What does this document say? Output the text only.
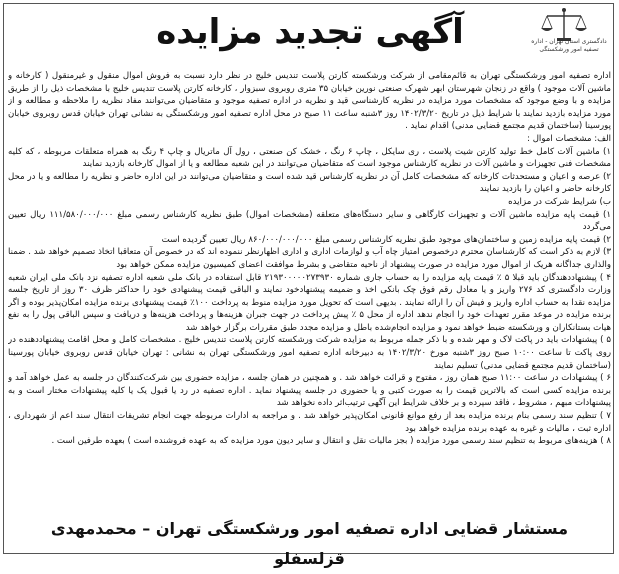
آگهی تجدید مزایده	دادگستری استان تهران - اداره تصفیه امور ورشکستگی

اداره تصفیه امور ورشکستگی تهران به قائم‌مقامی از شرکت ورشکسته کارتن پلاست تندیس خلیج در نظر دارد نسبت به فروش اموال منقول و غیرمنقول ( کارخانه و ماشین آلات موجود ) واقع در زنجان شهرستان ابهر شهرک صنعتی نورین خیابان ۳۵ متری روبروی سبزوار ، کارخانه کارتن پلاست تندیس خلیج با مشخصات ذیل را از طریق مزایده و با وضع موجود که مشخصات مورد مزایده در نظریه کارشناسی قید و نظریه در اداره تصفیه موجود و متقاضیان می‌توانند مفاد نظریه را ملاحظه و مطالعه و از مورد مزایده بازدید نمایند با شرایط ذیل در تاریخ ۱۴۰۲/۳/۲۰ روز ۳شنبه ساعت ۱۱ صبح در محل اداره تصفیه امور ورشکستگی به نشانی تهران خیابان قدس روبروی خیابان پورسینا (ساختمان قدیم مجتمع قضایی مدنی) اقدام نماید .

الف: مشخصات اموال :

۱) ماشین آلات کامل خط تولید کارتن شیت پلاست ، ری سایکل ، چاپ ۶ رنگ ، خشک کن صنعتی ، رول آل ماتریال و چاپ ۴ رنگ به همراه متعلقات مربوطه ، که کلیه مشخصات فنی تجهیزات و ماشین آلات در نظریه کارشناس موجود است که متقاضیان می‌توانند در این شعبه مطالعه و یا از اموال کارخانه بازدید نمایند

۲) عرصه و اعیان و مستحدثات کارخانه که مشخصات کامل آن در نظریه کارشناس قید شده است و متقاضیان می‌توانند در این اداره حاضر و نظریه را مطالعه و یا در محل کارخانه حاضر و اعیان را بازدید نمایند

ب) شرایط شرکت در مزایده

۱) قیمت پایه مزایده ماشین آلات و تجهیزات کارگاهی و سایر دستگاه‌های متعلقه (مشخصات اموال) طبق نظریه کارشناس رسمی مبلغ ۱۱۱/۵۸۰/۰۰۰/۰۰۰ ریال تعیین می‌گردد

۲) قیمت پایه مزایده زمین و ساختمان‌های موجود طبق نظریه کارشناس رسمی مبلغ ۸۶۰/۰۰۰/۰۰۰/۰۰۰ ریال تعیین گردیده است

۳) لازم به ذکر است که کارشناسان محترم درخصوص امتیاز چاه آب و لوازمات اداری و اداری اظهارنظر ننموده اند که در خصوص آن متعاقبا اتخاذ تصمیم خواهد شد . ضمنا والذاری جداگانه هریک از اموال مورد مزایده در صورت پیشنهاد از ناحیه متقاضی و بشرط موافقت اعضای کمیسیون مزایده ممکن خواهد بود

۴ ) پیشنهاددهندگان باید قبلا ۵ ٪ قیمت پایه مزایده را به حساب جاری شماره ۲۱۹۳۰۰۰۰۰۲۷۳۹۳۰ قابل استفاده در بانک ملی شعبه اداره تصفیه نزد بانک ملی ایران شعبه وزارت دادگستری کد ۲۷۶ واریز و یا معادل رقم فوق چک بانکی اخذ و ضمیمه پیشنهادخود نمایند و الباقی قیمت پیشنهادی خود را حداکثر ظرف ۳۰ روز از تاریخ جلسه مزایده نقدا به حساب اداره واریز و فیش آن را ارائه نمایند . بدیهی است که تحویل مورد مزایده منوط به پرداخت ۱۰۰٪ قیمت پیشنهادی برنده مزایده امکان‌پذیر بوده و اگر برنده مزایده در موعد مقرر تعهدات خود را انجام ندهد اداره از محل ۵ ٪ پیش پرداخت در جهت جبران هزینه‌ها و پرداخت هزینه‌ها و دریافت و سپس الباقی پول را به نفع هیات بستانکاران و ورشکسته ضبط خواهد نمود و مزایده انجام‌شده باطل و مزایده مجدد طبق مقررات برگزار خواهد شد

۵ ) پیشنهادات باید در پاکت لاک و مهر شده و با ذکر جمله مربوط به مزایده شرکت ورشکسته کارتن پلاست تندیس خلیج . مشخصات کامل و محل اقامت پیشنهاددهنده در روی پاکت تا ساعت ۱۰:۰۰ صبح روز ۳شنبه مورخ ۱۴۰۲/۳/۲۰ به دبیرخانه اداره تصفیه امور ورشکستگی تهران به نشانی : تهران خیابان قدس روبروی خیابان پورسینا (ساختمان قدیم مجتمع قضایی مدنی) تسلیم نمایند

۶ ) پیشنهادات در ساعت ۱۱:۰۰ صبح همان روز ، مفتوح و قرائت خواهد شد . و همچنین در همان جلسه ، مزایده حضوری بین شرکت‌کنندگان در جلسه به عمل خواهد آمد و برنده مزایده کسی است که بالاترین قیمت را به صورت کتبی و یا حضوری در جلسه پیشنهاد نماید . اداره تصفیه در رد یا قبول یک یا کلیه پیشنهادات مختار است و به پیشنهادات مبهم ، مشروط ، فاقد سپرده و بر خلاف شرایط این آگهی ترتیب‌اثر داده نخواهد شد

۷ ) تنظیم سند رسمی بنام برنده مزایده بعد از رفع موانع قانونی امکان‌پذیر خواهد شد . و مراجعه به ادارات مربوطه جهت انجام تشریفات انتقال سند اعم از شهرداری ، اداره ثبت ، مالیات و غیره به عهده برنده مزایده خواهد بود

۸ ) هزینه‌های مربوط به تنظیم سند رسمی مورد مزایده ( بجز مالیات نقل و انتقال و سایر دیون مورد مزایده که به عهده فروشنده است ) بعهده طرفین است .

مستشار قضایی اداره تصفیه امور ورشکستگی تهران – محمدمهدی قزلسفلو
